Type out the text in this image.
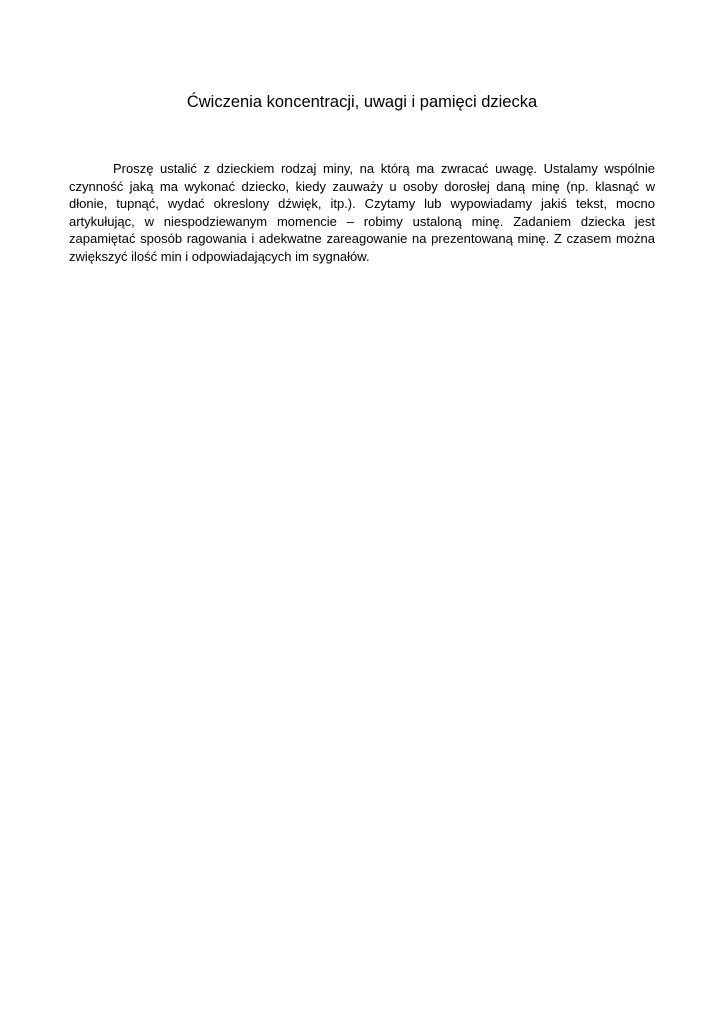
Ćwiczenia koncentracji, uwagi i pamięci dziecka

Proszę ustalić z dzieckiem rodzaj miny, na którą ma zwracać uwagę. Ustalamy wspólnie czynność jaką ma wykonać dziecko, kiedy zauważy u osoby dorosłej daną minę (np. klasnąć w dłonie, tupnąć, wydać okreslony dźwięk, itp.). Czytamy lub wypowiadamy jakiś tekst, mocno artykułując, w niespodziewanym momencie – robimy ustaloną minę. Zadaniem dziecka jest zapamiętać sposób ragowania i adekwatne zareagowanie na prezentowaną minę. Z czasem można zwiększyć ilość min i odpowiadających im sygnałów.
